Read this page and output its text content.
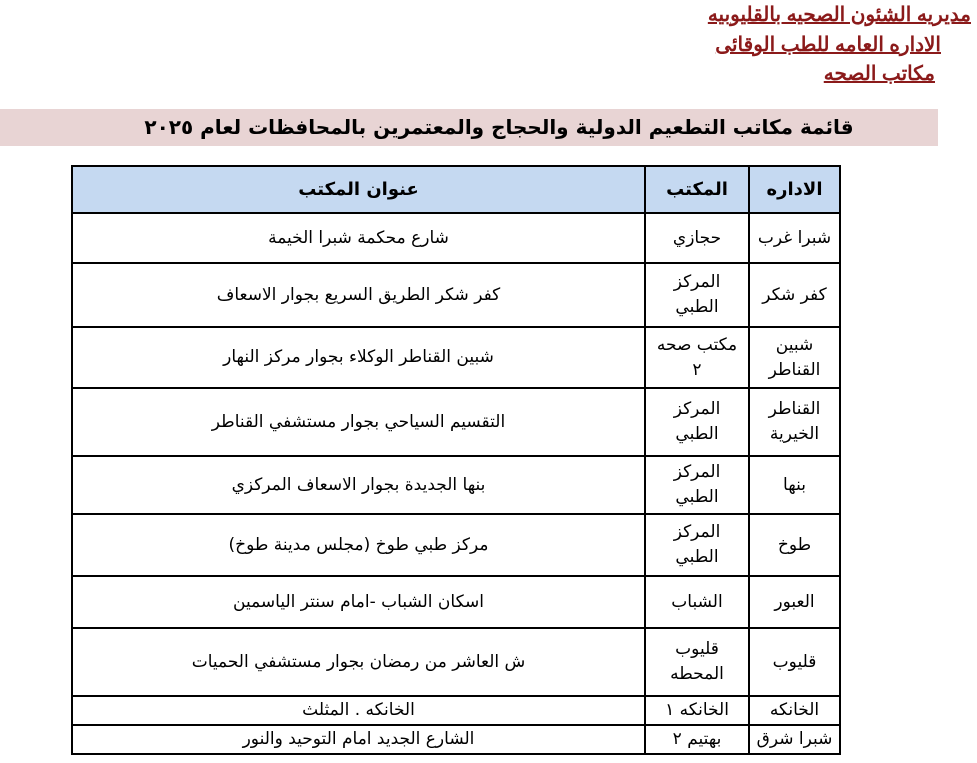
مديريه الشئون الصحيه بالقليوبيه
الاداره العامه للطب الوقائى
مكاتب الصحه
قائمة مكاتب التطعيم الدولية والحجاج والمعتمرين بالمحافظات لعام ٢٠٢٥
الاداره	المكتب	عنوان المكتب
شبرا غرب	حجازي	شارع محكمة شبرا الخيمة
كفر شكر	المركز الطبي	كفر شكر الطريق السريع بجوار الاسعاف
شبين القناطر	مكتب صحه ٢	شبين القناطر الوكلاء بجوار مركز النهار
القناطر الخيرية	المركز الطبي	التقسيم السياحي بجوار مستشفي القناطر
بنها	المركز الطبي	بنها الجديدة بجوار الاسعاف المركزي
طوخ	المركز الطبي	مركز طبي طوخ (مجلس مدينة طوخ)
العبور	الشباب	اسكان الشباب -امام سنتر الياسمين
قليوب	قليوب المحطه	ش العاشر من رمضان بجوار مستشفي الحميات
الخانكه	الخانكه ١	الخانكه . المثلث
شبرا شرق	بهتيم ٢	الشارع الجديد امام التوحيد والنور
